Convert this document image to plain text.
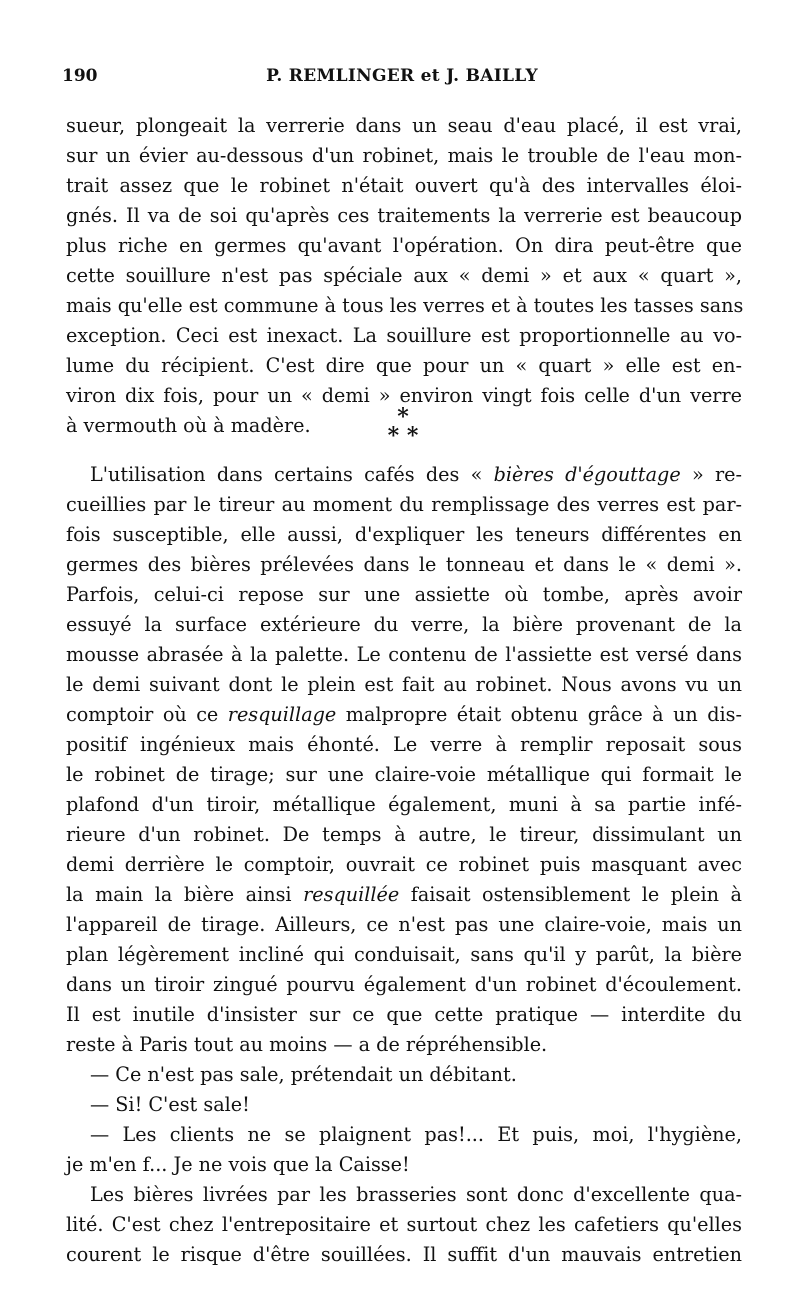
190	P. REMLINGER et J. BAILLY
sueur, plongeait la verrerie dans un seau d'eau placé, il est vrai,
sur un évier au-dessous d'un robinet, mais le trouble de l'eau mon-
trait assez que le robinet n'était ouvert qu'à des intervalles éloi-
gnés. Il va de soi qu'après ces traitements la verrerie est beaucoup
plus riche en germes qu'avant l'opération. On dira peut-être que
cette souillure n'est pas spéciale aux « demi » et aux « quart »,
mais qu'elle est commune à tous les verres et à toutes les tasses sans
exception. Ceci est inexact. La souillure est proportionnelle au vo-
lume du récipient. C'est dire que pour un « quart » elle est en-
viron dix fois, pour un « demi » environ vingt fois celle d'un verre
à vermouth où à madère.	*
* *
L'utilisation dans certains cafés des « bières d'égouttage » re-
cueillies par le tireur au moment du remplissage des verres est par-
fois susceptible, elle aussi, d'expliquer les teneurs différentes en
germes des bières prélevées dans le tonneau et dans le « demi ».
Parfois, celui-ci repose sur une assiette où tombe, après avoir
essuyé la surface extérieure du verre, la bière provenant de la
mousse abrasée à la palette. Le contenu de l'assiette est versé dans
le demi suivant dont le plein est fait au robinet. Nous avons vu un
comptoir où ce resquillage malpropre était obtenu grâce à un dis-
positif ingénieux mais éhonté. Le verre à remplir reposait sous
le robinet de tirage; sur une claire-voie métallique qui formait le
plafond d'un tiroir, métallique également, muni à sa partie infé-
rieure d'un robinet. De temps à autre, le tireur, dissimulant un
demi derrière le comptoir, ouvrait ce robinet puis masquant avec
la main la bière ainsi resquillée faisait ostensiblement le plein à
l'appareil de tirage. Ailleurs, ce n'est pas une claire-voie, mais un
plan légèrement incliné qui conduisait, sans qu'il y parût, la bière
dans un tiroir zingué pourvu également d'un robinet d'écoulement.
Il est inutile d'insister sur ce que cette pratique — interdite du
reste à Paris tout au moins — a de répréhensible.
— Ce n'est pas sale, prétendait un débitant.
— Si! C'est sale!
— Les clients ne se plaignent pas!... Et puis, moi, l'hygiène,
je m'en f... Je ne vois que la Caisse!
Les bières livrées par les brasseries sont donc d'excellente qua-
lité. C'est chez l'entrepositaire et surtout chez les cafetiers qu'elles
courent le risque d'être souillées. Il suffit d'un mauvais entretien
